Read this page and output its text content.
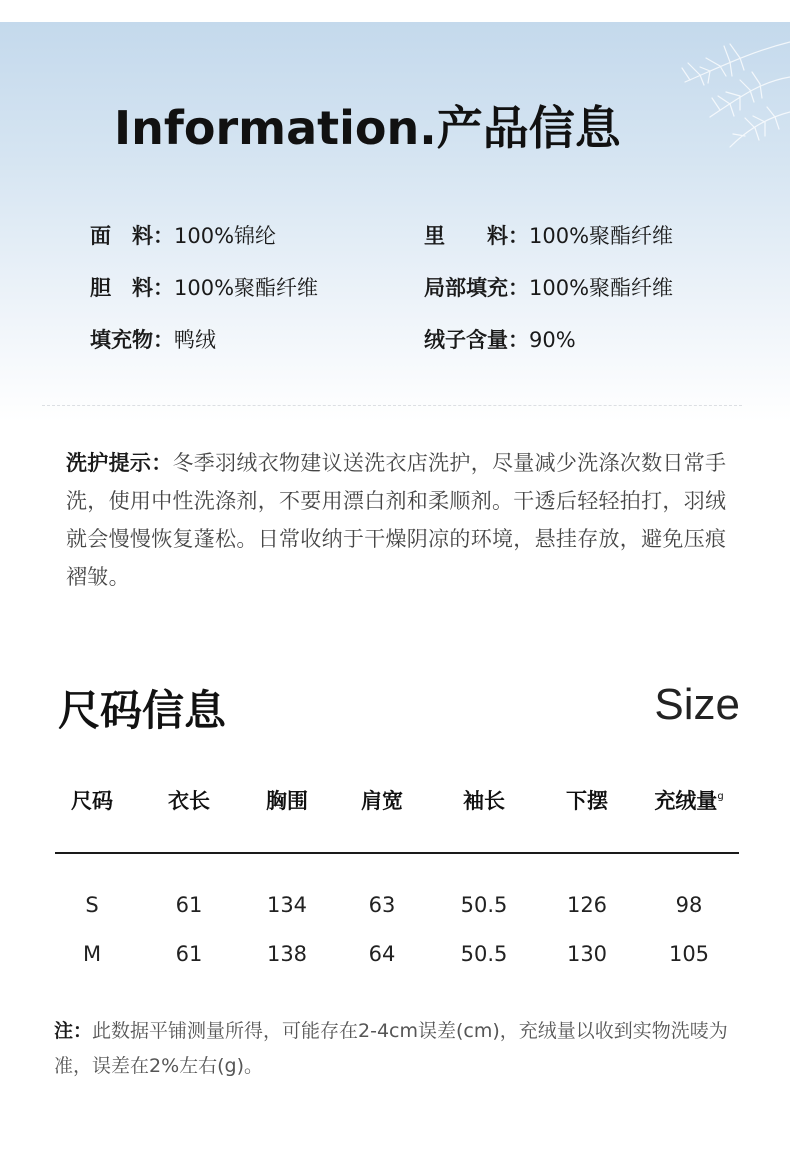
Information.产品信息
面　料：100%锦纶	里　　料：100%聚酯纤维
胆　料：100%聚酯纤维	局部填充：100%聚酯纤维
填充物：鸭绒	绒子含量：90%
洗护提示：冬季羽绒衣物建议送洗衣店洗护，尽量减少洗涤次数日常手洗，使用中性洗涤剂，不要用漂白剂和柔顺剂。干透后轻轻拍打，羽绒就会慢慢恢复蓬松。日常收纳于干燥阴凉的环境，悬挂存放，避免压痕褶皱。
尺码信息	Size
尺码	衣长	胸围	肩宽	袖长	下摆	充绒量$^g$
S	61	134	63	50.5	126	98
M	61	138	64	50.5	130	105
注：此数据平铺测量所得，可能存在2-4cm误差(cm)，充绒量以收到实物洗唛为准，误差在2%左右(g)。
